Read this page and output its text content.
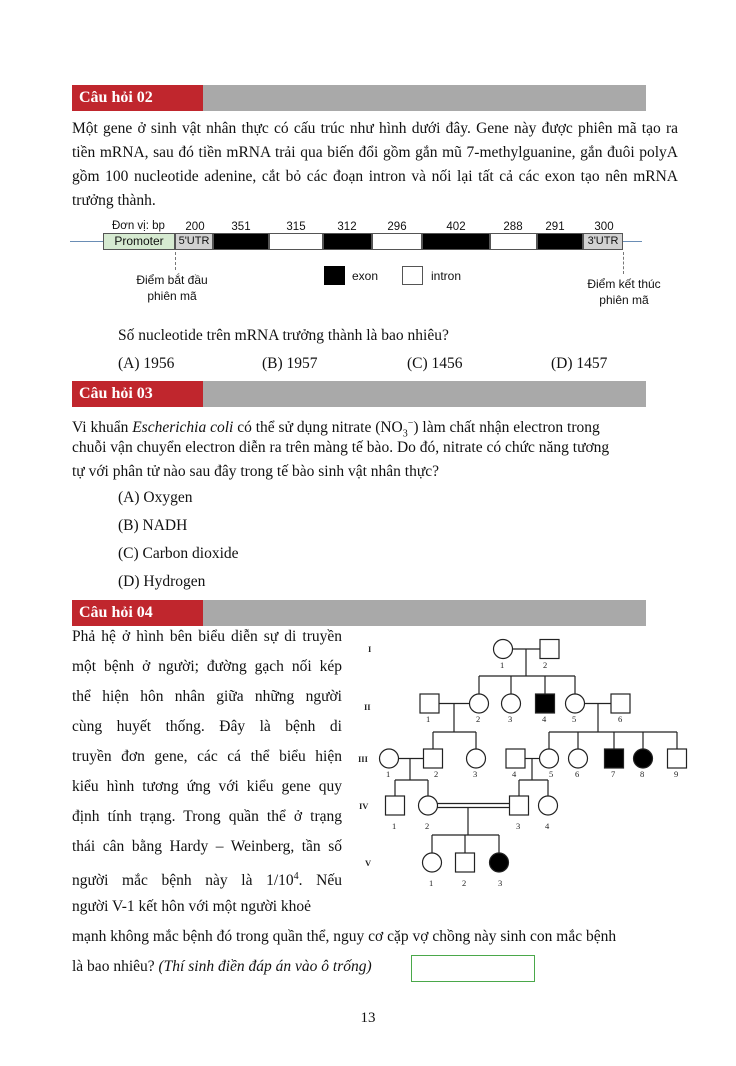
Câu hỏi 02
Một gene ở sinh vật nhân thực có cấu trúc như hình dưới đây. Gene này được phiên mã tạo ra tiền mRNA, sau đó tiền mRNA trải qua biến đổi gồm gắn mũ 7-methylguanine, gắn đuôi polyA gồm 100 nucleotide adenine, cắt bỏ các đoạn intron và nối lại tất cả các exon tạo nên mRNA trưởng thành.
Đơn vị: bp
Promoter	5'UTR	3'UTR
200 351	315	312	296	402	288 291	300
Điểm bắt đầu
phiên mã
Điểm kết thúc
phiên mã
exon	intron
Số nucleotide trên mRNA trưởng thành là bao nhiêu?
(A) 1956	(B) 1957	(C) 1456	(D) 1457
Câu hỏi 03
Vi khuẩn Escherichia coli có thể sử dụng nitrate $(NO_3^-)$ làm chất nhận electron trong
chuỗi vận chuyển electron diễn ra trên màng tế bào. Do đó, nitrate có chức năng tương
tự với phân tử nào sau đây trong tế bào sinh vật nhân thực?
(A) Oxygen
(B) NADH
(C) Carbon dioxide
(D) Hydrogen
Câu hỏi 04
Phả hệ ở hình bên biểu diễn sự di truyền
một bệnh ở người; đường gạch nối kép
thể hiện hôn nhân giữa những người
cùng huyết thống. Đây là bệnh di
truyền đơn gene, các cá thể biểu hiện
kiểu hình tương ứng với kiểu gene quy
định tính trạng. Trong quần thể ở trạng
thái cân bằng Hardy – Weinberg, tần số
người mắc bệnh này là $1/10^4$. Nếu
người V-1 kết hôn với một người khoẻ
mạnh không mắc bệnh đó trong quần thể, nguy cơ cặp vợ chồng này sinh con mắc bệnh
là bao nhiêu? (Thí sinh điền đáp án vào ô trống)
I
II
III
IV
V
1	2
1	2	3	4	5	6
1	2	3	4	5	6	7	8	9
1	2	3	4
1	2	3
13
